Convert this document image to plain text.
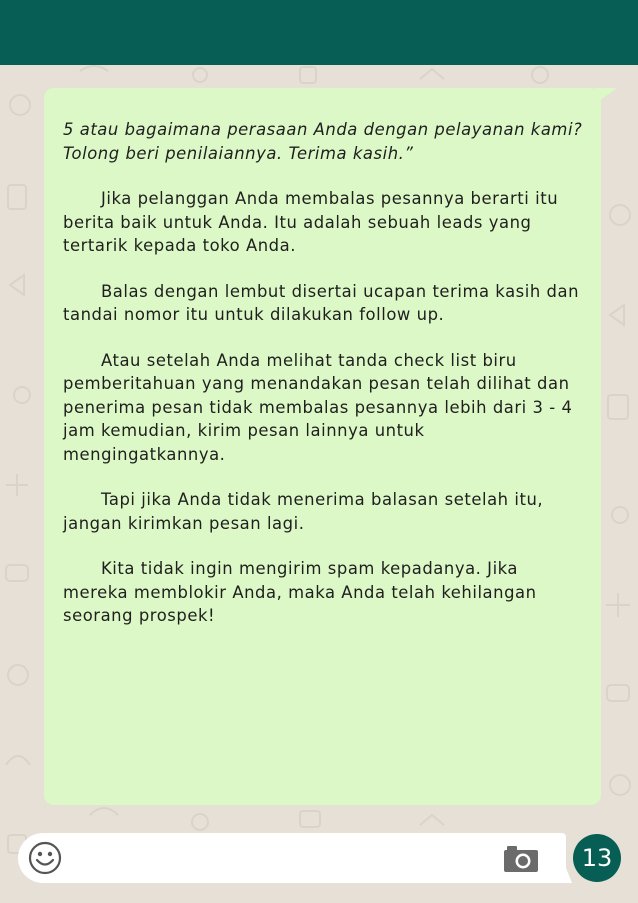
5 atau bagaimana perasaan Anda dengan pelayanan kami? Tolong beri penilaiannya. Terima kasih.”

Jika pelanggan Anda membalas pesannya berarti itu berita baik untuk Anda. Itu adalah sebuah leads yang tertarik kepada toko Anda.

Balas dengan lembut disertai ucapan terima kasih dan tandai nomor itu untuk dilakukan follow up.

Atau setelah Anda melihat tanda check list biru pemberitahuan yang menandakan pesan telah dilihat dan penerima pesan tidak membalas pesannya lebih dari 3 - 4 jam kemudian, kirim pesan lainnya untuk mengingatkannya.

Tapi jika Anda tidak menerima balasan setelah itu, jangan kirimkan pesan lagi.

Kita tidak ingin mengirim spam kepadanya. Jika mereka memblokir Anda, maka Anda telah kehilangan seorang prospek!

13
